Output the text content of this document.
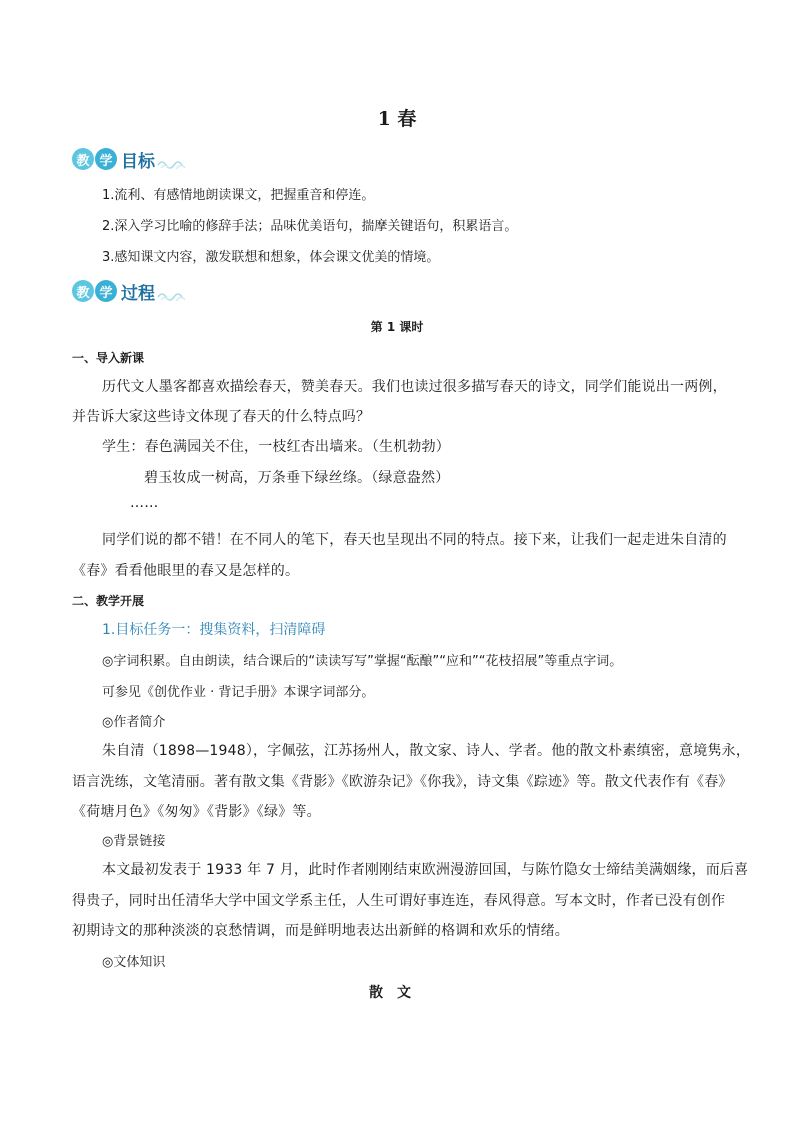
1 春
教 学 目标
1.流利、有感情地朗读课文，把握重音和停连。
2.深入学习比喻的修辞手法；品味优美语句，揣摩关键语句，积累语言。
3.感知课文内容，激发联想和想象，体会课文优美的情境。
教 学 过程
第 1 课时
一、导入新课
历代文人墨客都喜欢描绘春天，赞美春天。我们也读过很多描写春天的诗文，同学们能说出一两例，
并告诉大家这些诗文体现了春天的什么特点吗？
学生：春色满园关不住，一枝红杏出墙来。（生机勃勃）
碧玉妆成一树高，万条垂下绿丝绦。（绿意盎然）
……
同学们说的都不错！在不同人的笔下，春天也呈现出不同的特点。接下来，让我们一起走进朱自清的
《春》看看他眼里的春又是怎样的。
二、教学开展
1.目标任务一：搜集资料，扫清障碍
◎字词积累。自由朗读，结合课后的“读读写写”掌握“酝酿”“应和”“花枝招展”等重点字词。
可参见《创优作业 · 背记手册》本课字词部分。
◎作者简介
朱自清（1898—1948），字佩弦，江苏扬州人，散文家、诗人、学者。他的散文朴素缜密，意境隽永，
语言洗练，文笔清丽。著有散文集《背影》《欧游杂记》《你我》，诗文集《踪迹》等。散文代表作有《春》
《荷塘月色》《匆匆》《背影》《绿》等。
◎背景链接
本文最初发表于 1933 年 7 月，此时作者刚刚结束欧洲漫游回国，与陈竹隐女士缔结美满姻缘，而后喜
得贵子，同时出任清华大学中国文学系主任，人生可谓好事连连，春风得意。写本文时，作者已没有创作
初期诗文的那种淡淡的哀愁情调，而是鲜明地表达出新鲜的格调和欢乐的情绪。
◎文体知识
散文
